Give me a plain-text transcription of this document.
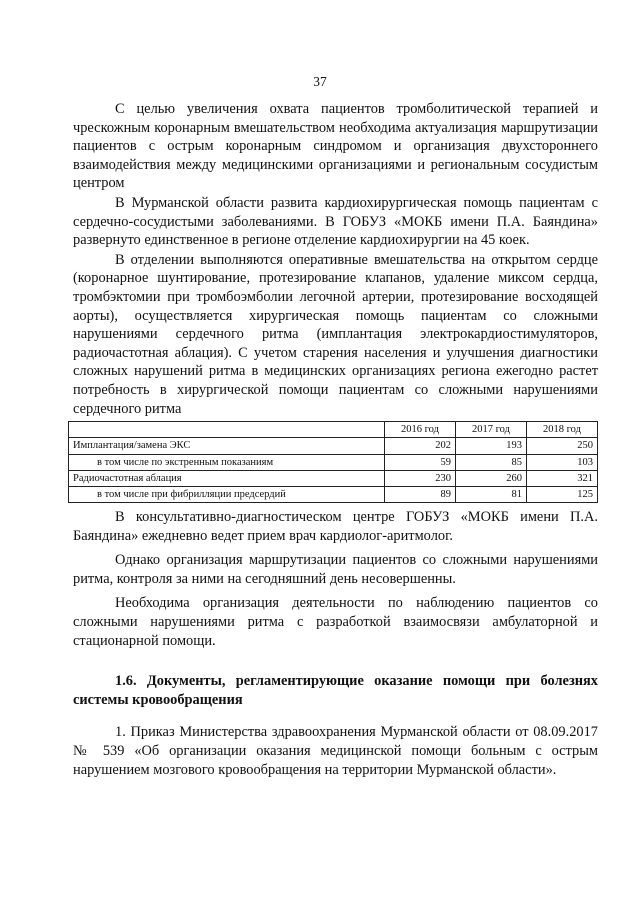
37

С целью увеличения охвата пациентов тромболитической терапией и чрескожным коронарным вмешательством необходима актуализация маршрутизации пациентов с острым коронарным синдромом и организация двухстороннего взаимодействия между медицинскими организациями и региональным сосудистым центром

В Мурманской области развита кардиохирургическая помощь пациентам с сердечно-сосудистыми заболеваниями. В ГОБУЗ «МОКБ имени П.А. Баяндина» развернуто единственное в регионе отделение кардиохирургии на 45 коек.

В отделении выполняются оперативные вмешательства на открытом сердце (коронарное шунтирование, протезирование клапанов, удаление миксом сердца, тромбэктомии при тромбоэмболии легочной артерии, протезирование восходящей аорты), осуществляется хирургическая помощь пациентам со сложными нарушениями сердечного ритма (имплантация электрокардиостимуляторов, радиочастотная аблация). С учетом старения населения и улучшения диагностики сложных нарушений ритма в медицинских организациях региона ежегодно растет потребность в хирургической помощи пациентам со сложными нарушениями сердечного ритма

	2016 год	2017 год	2018 год
Имплантация/замена ЭКС	202	193	250
в том числе по экстренным показаниям	59	85	103
Радиочастотная аблация	230	260	321
в том числе при фибрилляции предсердий	89	81	125

В консультативно-диагностическом центре ГОБУЗ «МОКБ имени П.А. Баяндина» ежедневно ведет прием врач кардиолог-аритмолог.

Однако организация маршрутизации пациентов со сложными нарушениями ритма, контроля за ними на сегодняшний день несовершенны.

Необходима организация деятельности по наблюдению пациентов со сложными нарушениями ритма с разработкой взаимосвязи амбулаторной и стационарной помощи.

1.6. Документы, регламентирующие оказание помощи при болезнях системы кровообращения

1. Приказ Министерства здравоохранения Мурманской области от 08.09.2017 № 539 «Об организации оказания медицинской помощи больным с острым нарушением мозгового кровообращения на территории Мурманской области».
